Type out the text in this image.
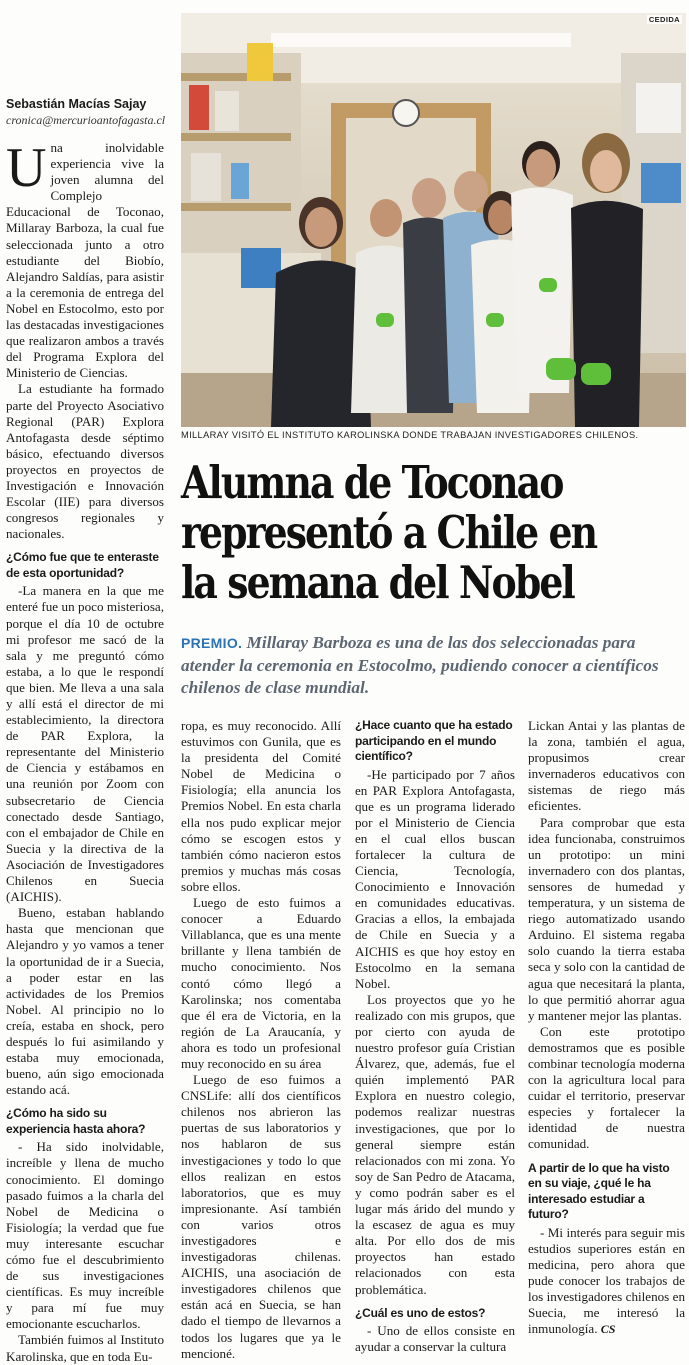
Sebastián Macías Sajay
cronica@mercurioantofagasta.cl

Una inolvidable experiencia vive la joven alumna del Complejo Educacional de Toconao, Millaray Barboza, la cual fue seleccionada junto a otro estudiante del Biobío, Alejandro Saldías, para asistir a la ceremonia de entrega del Nobel en Estocolmo, esto por las destacadas investigaciones que realizaron ambos a través del Programa Explora del Ministerio de Ciencias.

La estudiante ha formado parte del Proyecto Asociativo Regional (PAR) Explora Antofagasta desde séptimo básico, efectuando diversos proyectos en proyectos de Investigación e Innovación Escolar (IIE) para diversos congresos regionales y nacionales.

¿Cómo fue que te enteraste de esta oportunidad?

-La manera en la que me enteré fue un poco misteriosa, porque el día 10 de octubre mi profesor me sacó de la sala y me preguntó cómo estaba, a lo que le respondí que bien. Me lleva a una sala y allí está el director de mi establecimiento, la directora de PAR Explora, la representante del Ministerio de Ciencia y estábamos en una reunión por Zoom con subsecretario de Ciencia conectado desde Santiago, con el embajador de Chile en Suecia y la directiva de la Asociación de Investigadores Chilenos en Suecia (AICHIS).

Bueno, estaban hablando hasta que mencionan que Alejandro y yo vamos a tener la oportunidad de ir a Suecia, a poder estar en las actividades de los Premios Nobel. Al principio no lo creía, estaba en shock, pero después lo fui asimilando y estaba muy emocionada, bueno, aún sigo emocionada estando acá.

¿Cómo ha sido su experiencia hasta ahora?

- Ha sido inolvidable, increíble y llena de mucho conocimiento. El domingo pasado fuimos a la charla del Nobel de Medicina o Fisiología; la verdad que fue muy interesante escuchar cómo fue el descubrimiento de sus investigaciones científicas. Es muy increíble y para mí fue muy emocionante escucharlos.

También fuimos al Instituto Karolinska, que en toda Eu-

CEDIDA
MILLARAY VISITÓ EL INSTITUTO KAROLINSKA DONDE TRABAJAN INVESTIGADORES CHILENOS.
Alumna de Toconao
representó a Chile en
la semana del Nobel
PREMIO. Millaray Barboza es una de las dos seleccionadas para atender la ceremonia en Estocolmo, pudiendo conocer a científicos chilenos de clase mundial.

ropa, es muy reconocido. Allí estuvimos con Gunila, que es la presidenta del Comité Nobel de Medicina o Fisiología; ella anuncia los Premios Nobel. En esta charla ella nos pudo explicar mejor cómo se escogen estos y también cómo nacieron estos premios y muchas más cosas sobre ellos.

Luego de esto fuimos a conocer a Eduardo Villablanca, que es una mente brillante y llena también de mucho conocimiento. Nos contó cómo llegó a Karolinska; nos comentaba que él era de Victoria, en la región de La Araucanía, y ahora es todo un profesional muy reconocido en su área

Luego de eso fuimos a CNSLife: allí dos científicos chilenos nos abrieron las puertas de sus laboratorios y nos hablaron de sus investigaciones y todo lo que ellos realizan en estos laboratorios, que es muy impresionante. Así también con varios otros investigadores e investigadoras chilenas. AICHIS, una asociación de investigadores chilenos que están acá en Suecia, se han dado el tiempo de llevarnos a todos los lugares que ya le mencioné.

¿Hace cuanto que ha estado participando en el mundo científico?

-He participado por 7 años en PAR Explora Antofagasta, que es un programa liderado por el Ministerio de Ciencia en el cual ellos buscan fortalecer la cultura de Ciencia, Tecnología, Conocimiento e Innovación en comunidades educativas. Gracias a ellos, la embajada de Chile en Suecia y a AICHIS es que hoy estoy en Estocolmo en la semana Nobel.

Los proyectos que yo he realizado con mis grupos, que por cierto con ayuda de nuestro profesor guía Cristian Álvarez, que, además, fue el quién implementó PAR Explora en nuestro colegio, podemos realizar nuestras investigaciones, que por lo general siempre están relacionados con mi zona. Yo soy de San Pedro de Atacama, y como podrán saber es el lugar más árido del mundo y la escasez de agua es muy alta. Por ello dos de mis proyectos han estado relacionados con esta problemática.

¿Cuál es uno de estos?

- Uno de ellos consiste en ayudar a conservar la cultura

Lickan Antai y las plantas de la zona, también el agua, propusimos crear invernaderos educativos con sistemas de riego más eficientes.

Para comprobar que esta idea funcionaba, construimos un prototipo: un mini invernadero con dos plantas, sensores de humedad y temperatura, y un sistema de riego automatizado usando Arduino. El sistema regaba solo cuando la tierra estaba seca y solo con la cantidad de agua que necesitará la planta, lo que permitió ahorrar agua y mantener mejor las plantas.

Con este prototipo demostramos que es posible combinar tecnología moderna con la agricultura local para cuidar el territorio, preservar especies y fortalecer la identidad de nuestra comunidad.

A partir de lo que ha visto en su viaje, ¿qué le ha interesado estudiar a futuro?

- Mi interés para seguir mis estudios superiores están en medicina, pero ahora que pude conocer los trabajos de los investigadores chilenos en Suecia, me interesó la inmunología. CS
